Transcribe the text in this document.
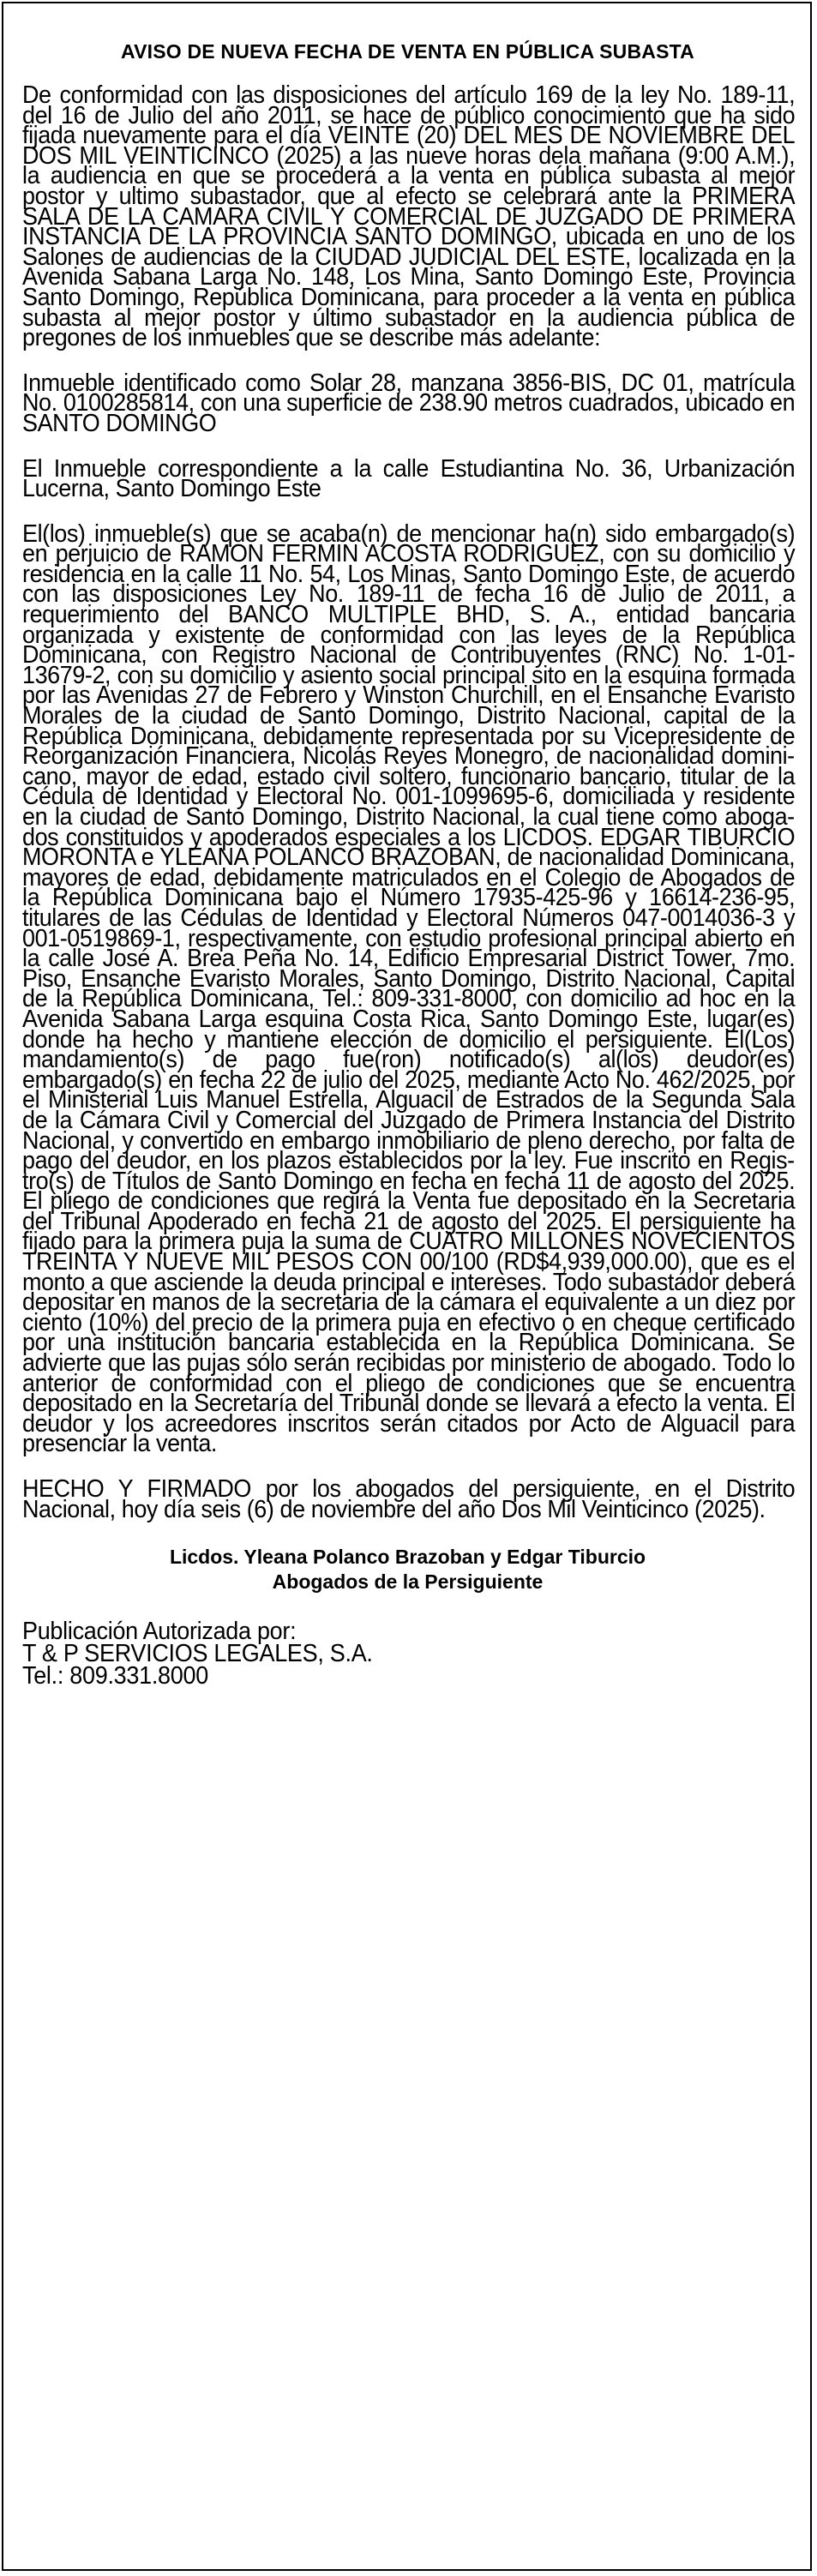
AVISO DE NUEVA FECHA DE VENTA EN PÚBLICA SUBASTA

De conformidad con las disposiciones del artículo 169 de la ley No. 189-11, del 16 de Julio del año 2011, se hace de público conocimiento que ha sido fijada nuevamente para el día VEINTE (20) DEL MES DE NOVIEMBRE DEL DOS MIL VEINTICINCO (2025) a las nueve horas dela mañana (9:00 A.M.), la audiencia en que se procederá a la venta en pública subasta al mejor postor y ultimo subastador, que al efecto se celebrará ante la PRIMERA SALA DE LA CAMARA CIVIL Y COMERCIAL DE JUZGADO DE PRIMERA INSTANCIA DE LA PROVINCIA SANTO DOMINGO, ubicada en uno de los Salones de audiencias de la CIUDAD JUDICIAL DEL ESTE, localizada en la Avenida Sabana Larga No. 148, Los Mina, Santo Domingo Este, Provincia Santo Domingo, República Dominicana, para proceder a la venta en pública subasta al mejor postor y último subastador en la audiencia pública de pregones de los inmuebles que se describe más adelante:

Inmueble identificado como Solar 28, manzana 3856-BIS, DC 01, matrícula No. 0100285814, con una superficie de 238.90 metros cuadrados, ubicado en SANTO DOMINGO

El Inmueble correspondiente a la calle Estudiantina No. 36, Urbanización Lucerna, Santo Domingo Este

El(los) inmueble(s) que se acaba(n) de mencionar ha(n) sido embargado(s) en perjuicio de RAMON FERMIN ACOSTA RODRIGUEZ, con su domicilio y residencia en la calle 11 No. 54, Los Minas, Santo Domingo Este, de acuerdo con las disposiciones Ley No. 189-11 de fecha 16 de Julio de 2011, a requerimiento del BANCO MULTIPLE BHD, S. A., entidad bancaria organizada y existente de conformidad con las leyes de la República Dominicana, con Registro Nacional de Contribuyentes (RNC) No. 1-01-13679-2, con su domicilio y asiento social principal sito en la esquina formada por las Avenidas 27 de Febrero y Winston Churchill, en el Ensanche Evaristo Morales de la ciudad de Santo Domingo, Distrito Nacional, capital de la República Dominicana, debidamente representada por su Vicepresidente de Reorganización Financiera, Nicolás Reyes Monegro, de nacionalidad dominicano, mayor de edad, estado civil soltero, funcionario bancario, titular de la Cédula de Identidad y Electoral No. 001-1099695-6, domiciliada y residente en la ciudad de Santo Domingo, Distrito Nacional, la cual tiene como abogados constituidos y apoderados especiales a los LICDOS. EDGAR TIBURCIO MORONTA e YLEANA POLANCO BRAZOBAN, de nacionalidad Dominicana, mayores de edad, debidamente matriculados en el Colegio de Abogados de la República Dominicana bajo el Número 17935-425-96 y 16614-236-95, titulares de las Cédulas de Identidad y Electoral Números 047-0014036-3 y 001-0519869-1, respectivamente, con estudio profesional principal abierto en la calle José A. Brea Peña No. 14, Edificio Empresarial District Tower, 7mo. Piso, Ensanche Evaristo Morales, Santo Domingo, Distrito Nacional, Capital de la República Dominicana, Tel.: 809-331-8000, con domicilio ad hoc en la Avenida Sabana Larga esquina Costa Rica, Santo Domingo Este, lugar(es) donde ha hecho y mantiene elección de domicilio el persiguiente. El(Los) mandamiento(s) de pago fue(ron) notificado(s) al(los) deudor(es) embargado(s) en fecha 22 de julio del 2025, mediante Acto No. 462/2025, por el Ministerial Luis Manuel Estrella, Alguacil de Estrados de la Segunda Sala de la Cámara Civil y Comercial del Juzgado de Primera Instancia del Distrito Nacional, y convertido en embargo inmobiliario de pleno derecho, por falta de pago del deudor, en los plazos establecidos por la ley. Fue inscrito en Registro(s) de Títulos de Santo Domingo en fecha en fecha 11 de agosto del 2025. El pliego de condiciones que regirá la Venta fue depositado en la Secretaria del Tribunal Apoderado en fecha 21 de agosto del 2025. El persiguiente ha fijado para la primera puja la suma de CUATRO MILLONES NOVECIENTOS TREINTA Y NUEVE MIL PESOS CON 00/100 (RD$4,939,000.00), que es el monto a que asciende la deuda principal e intereses. Todo subastador deberá depositar en manos de la secretaria de la cámara el equivalente a un diez por ciento (10%) del precio de la primera puja en efectivo o en cheque certificado por una institución bancaria establecida en la República Dominicana. Se advierte que las pujas sólo serán recibidas por ministerio de abogado. Todo lo anterior de conformidad con el pliego de condiciones que se encuentra depositado en la Secretaría del Tribunal donde se llevará a efecto la venta. El deudor y los acreedores inscritos serán citados por Acto de Alguacil para presenciar la venta.

HECHO Y FIRMADO por los abogados del persiguiente, en el Distrito Nacional, hoy día seis (6) de noviembre del año Dos Mil Veinticinco (2025).

Licdos. Yleana Polanco Brazoban y Edgar Tiburcio
Abogados de la Persiguiente
Publicación Autorizada por:
T & P SERVICIOS LEGALES, S.A.
Tel.: 809.331.8000
